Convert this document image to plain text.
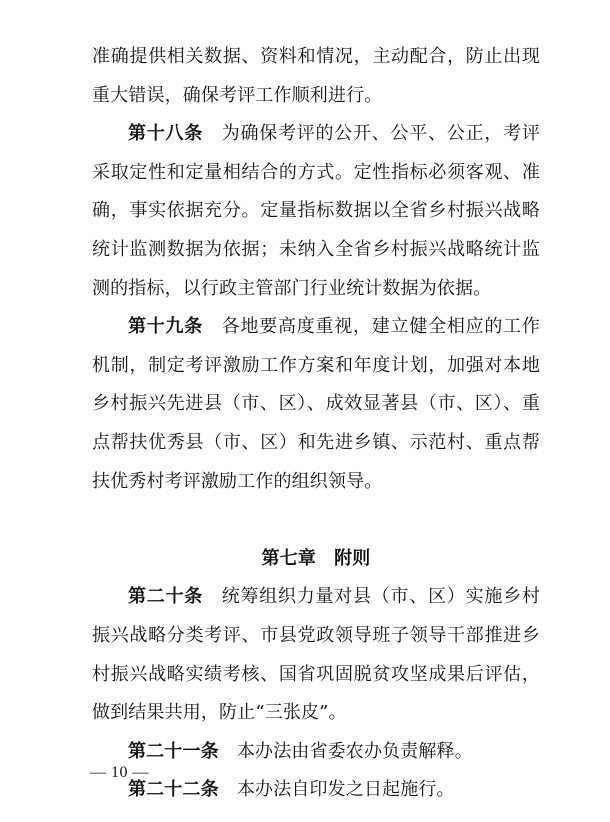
准确提供相关数据、资料和情况，主动配合，防止出现重大错误，确保考评工作顺利进行。

第十八条　 为确保考评的公开、公平、公正，考评采取定性和定量相结合的方式。定性指标必须客观、准确，事实依据充分。定量指标数据以全省乡村振兴战略统计监测数据为依据；未纳入全省乡村振兴战略统计监测的指标，以行政主管部门行业统计数据为依据。

第十九条　 各地要高度重视，建立健全相应的工作机制，制定考评激励工作方案和年度计划，加强对本地乡村振兴先进县（市、区）、成效显著县（市、区）、重点帮扶优秀县（市、区）和先进乡镇、示范村、重点帮扶优秀村考评激励工作的组织领导。

第七章　附则

第二十条　 统筹组织力量对县（市、区）实施乡村振兴战略分类考评、市县党政领导班子领导干部推进乡村振兴战略实绩考核、国省巩固脱贫攻坚成果后评估，做到结果共用，防止“三张皮”。

第二十一条　 本办法由省委农办负责解释。

第二十二条　 本办法自印发之日起施行。

— 10 —
